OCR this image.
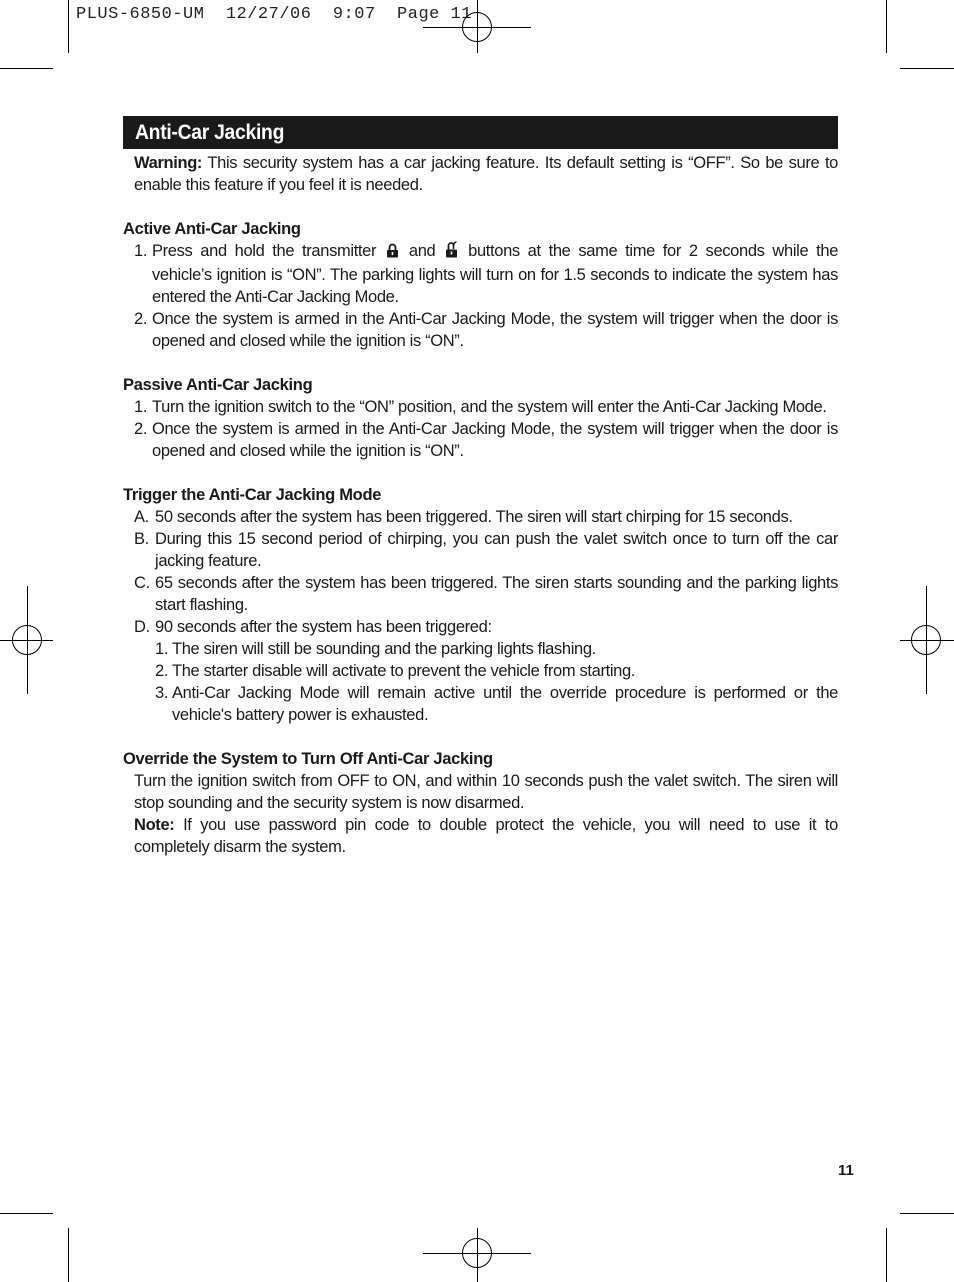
PLUS-6850-UM  12/27/06  9:07  Page 11
Anti-Car Jacking

Warning: This security system has a car jacking feature. Its default setting is “OFF”. So be sure to enable this feature if you feel it is needed.

Active Anti-Car Jacking

1. Press and hold the transmitter and buttons at the same time for 2 seconds while the vehicle’s ignition is “ON”. The parking lights will turn on for 1.5 seconds to indicate the system has entered the Anti-Car Jacking Mode.
2. Once the system is armed in the Anti-Car Jacking Mode, the system will trigger when the door is opened and closed while the ignition is “ON”.

Passive Anti-Car Jacking

1. Turn the ignition switch to the “ON” position, and the system will enter the Anti-Car Jacking Mode.
2. Once the system is armed in the Anti-Car Jacking Mode, the system will trigger when the door is opened and closed while the ignition is “ON”.

Trigger the Anti-Car Jacking Mode

A. 50 seconds after the system has been triggered. The siren will start chirping for 15 seconds.
B. During this 15 second period of chirping, you can push the valet switch once to turn off the car jacking feature.
C. 65 seconds after the system has been triggered. The siren starts sounding and the parking lights start flashing.
D. 90 seconds after the system has been triggered:
1. The siren will still be sounding and the parking lights flashing.
2. The starter disable will activate to prevent the vehicle from starting.
3. Anti-Car Jacking Mode will remain active until the override procedure is performed or the vehicle's battery power is exhausted.

Override the System to Turn Off Anti-Car Jacking

Turn the ignition switch from OFF to ON, and within 10 seconds push the valet switch. The siren will stop sounding and the security system is now disarmed.

Note: If you use password pin code to double protect the vehicle, you will need to use it to completely disarm the system.

11
